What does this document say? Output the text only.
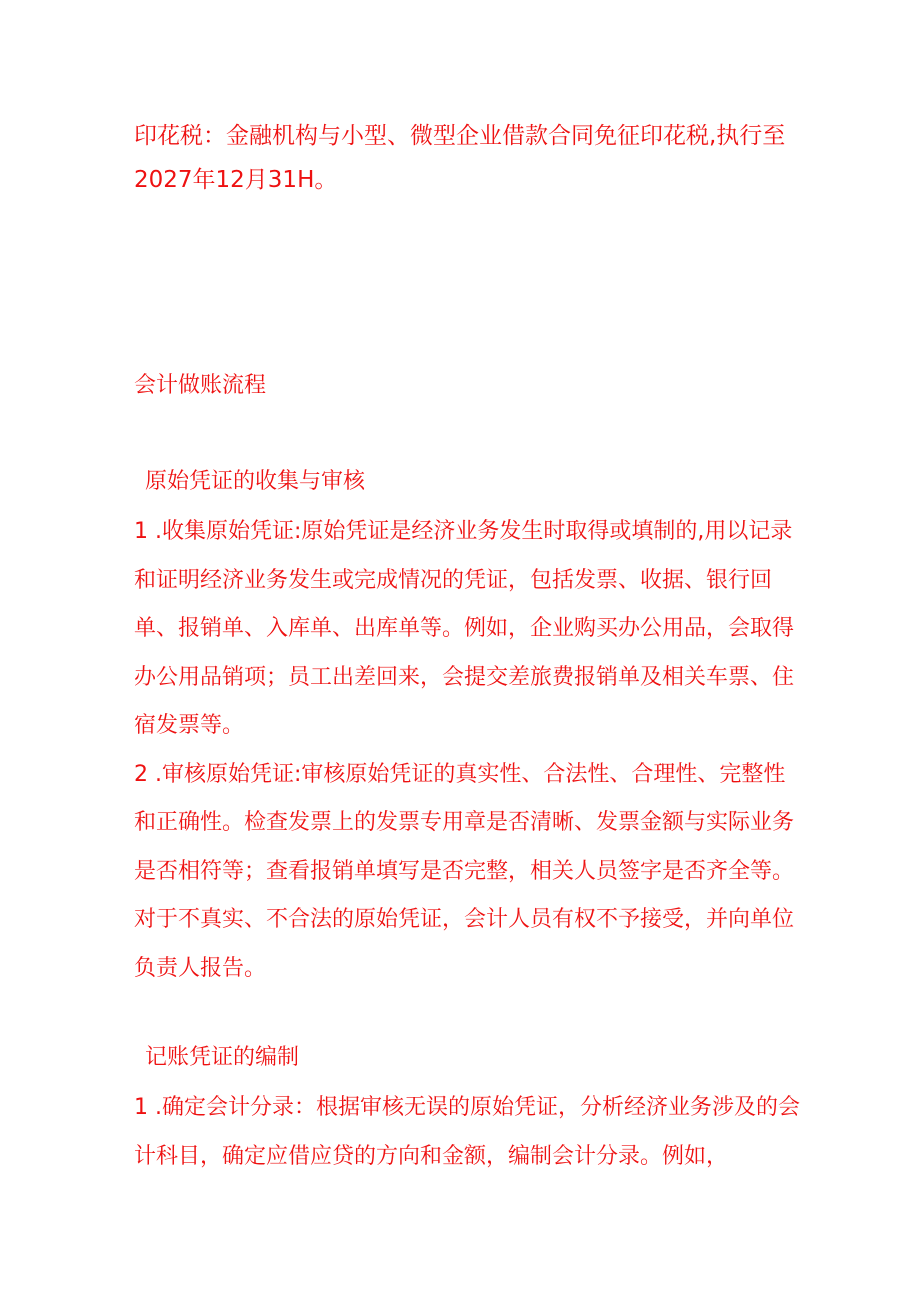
印花税：金融机构与小型、微型企业借款合同免征印花税,执行至2027年12月31H。

会计做账流程

原始凭证的收集与审核

1 .收集原始凭证:原始凭证是经济业务发生时取得或填制的,用以记录和证明经济业务发生或完成情况的凭证，包括发票、收据、银行回单、报销单、入库单、出库单等。例如，企业购买办公用品，会取得办公用品销项；员工出差回来，会提交差旅费报销单及相关车票、住宿发票等。

2 .审核原始凭证:审核原始凭证的真实性、合法性、合理性、完整性和正确性。检查发票上的发票专用章是否清晰、发票金额与实际业务是否相符等；查看报销单填写是否完整，相关人员签字是否齐全等。对于不真实、不合法的原始凭证，会计人员有权不予接受，并向单位负责人报告。

记账凭证的编制

1 .确定会计分录：根据审核无误的原始凭证，分析经济业务涉及的会计科目，确定应借应贷的方向和金额，编制会计分录。例如，
